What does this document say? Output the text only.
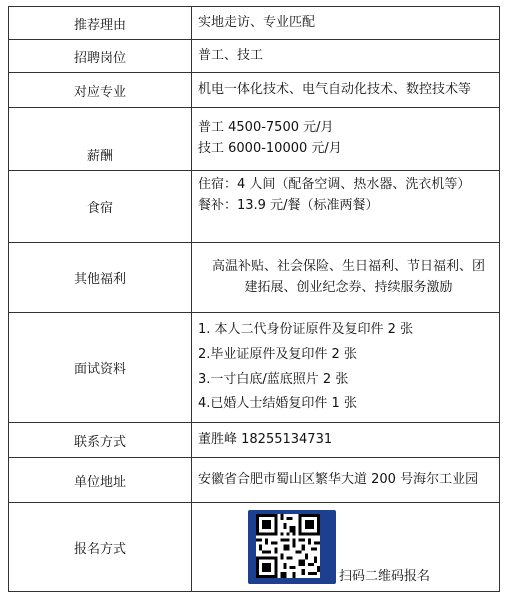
推荐理由	实地走访、专业匹配

招聘岗位	普工、技工

对应专业	机电一体化技术、电气自动化技术、数控技术等

薪酬	普工 4500-7500 元/月
技工 6000-10000 元/月

食宿	住宿：4 人间（配备空调、热水器、洗衣机等）
餐补：13.9 元/餐（标准两餐）

其他福利	高温补贴、社会保险、生日福利、节日福利、团
建拓展、创业纪念券、持续服务激励

面试资料	1. 本人二代身份证原件及复印件 2 张
2.毕业证原件及复印件 2 张
3.一寸白底/蓝底照片 2 张
4.已婚人士结婚复印件 1 张

联系方式	董胜峰 18255134731

单位地址	安徽省合肥市蜀山区繁华大道 200 号海尔工业园

报名方式	扫码二维码报名
